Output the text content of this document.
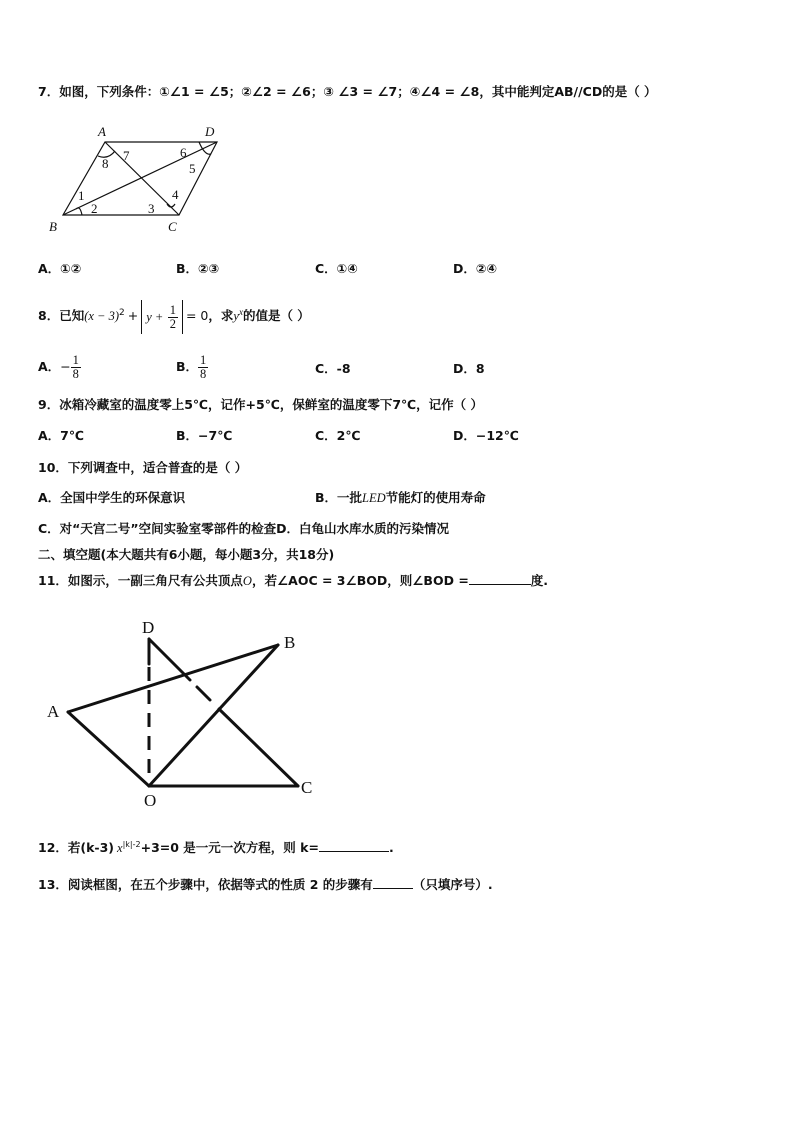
7．如图，下列条件：①∠1 = ∠5；②∠2 = ∠6；③ ∠3 = ∠7；④∠4 = ∠8，其中能判定AB//CD的是（ ）
A	D
B	C
8
7	6
5
1
2	3
4
A．①②	B．②③	C．①④	D．②④
8．已知$(x - 3)^2 + y + \frac{1}{2} = 0$，求$y^x$的值是（ ）
A．− $\frac{1}{8}$	B． $\frac{1}{8}$	C．-8	D．8
9．冰箱冷藏室的温度零上5℃，记作+5℃，保鲜室的温度零下7℃，记作（ ）
A．7℃	B．−7℃	C．2℃	D．−12℃
10．下列调查中，适合普查的是（ ）
A．全国中学生的环保意识	B．一批LED节能灯的使用寿命
C．对“天宫二号”空间实验室零部件的检查D．白龟山水库水质的污染情况
二、填空题(本大题共有6小题，每小题3分，共18分)
11．如图示，一副三角尺有公共顶点O，若∠AOC = 3∠BOD，则∠BOD =	度.
D
B
A
O
C
12．若(k-3) $x^{|k|-2}+3=0$ 是一元一次方程，则 k=	.
13．阅读框图，在五个步骤中，依据等式的性质 2 的步骤有	（只填序号）.
